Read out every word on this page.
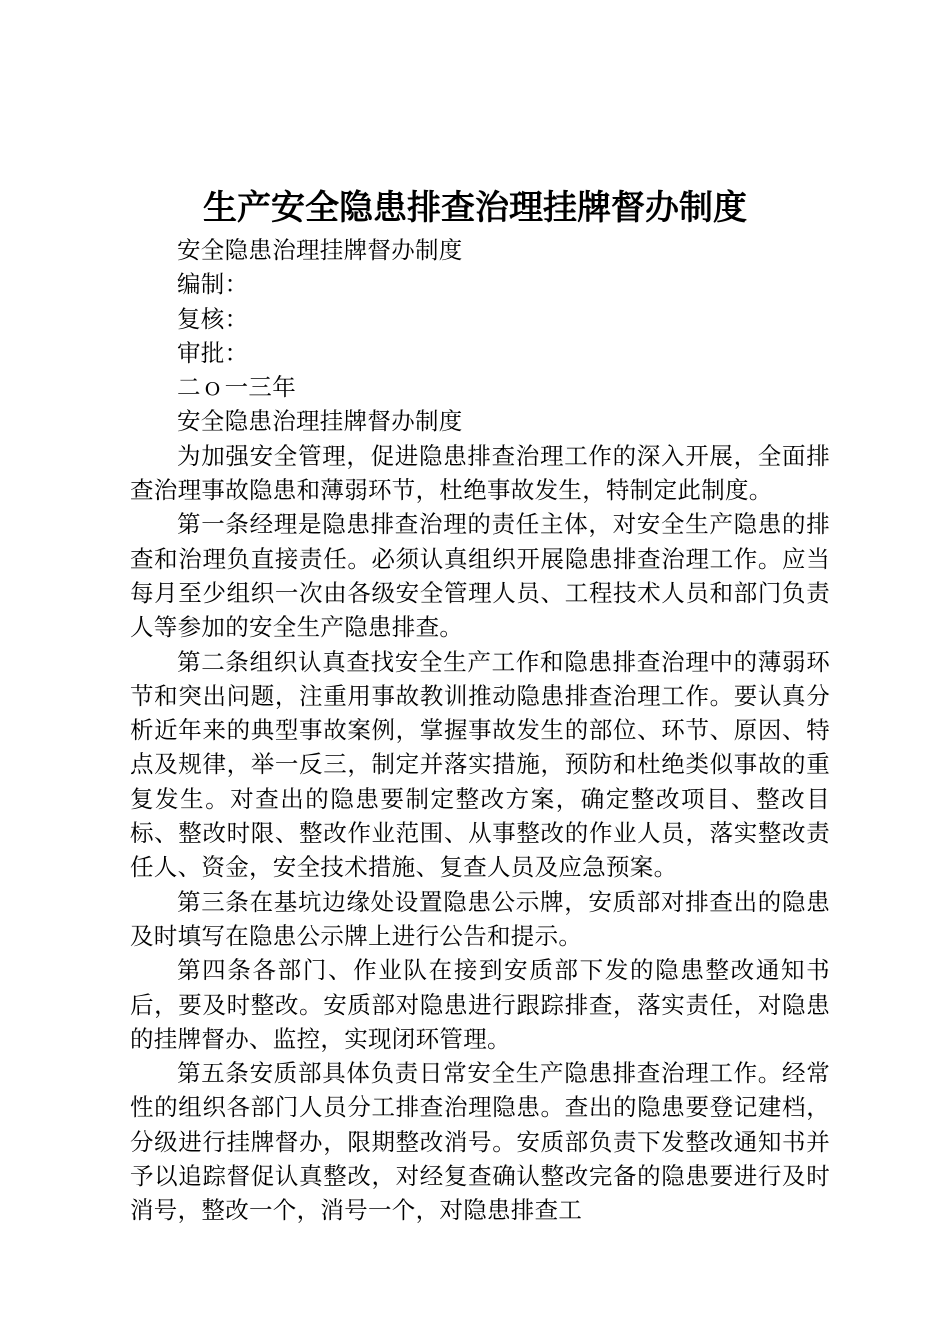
生产安全隐患排查治理挂牌督办制度
安全隐患治理挂牌督办制度
编制：
复核：
审批：
二ｏ一三年
安全隐患治理挂牌督办制度

为加强安全管理，促进隐患排查治理工作的深入开展，全面排查治理事故隐患和薄弱环节，杜绝事故发生，特制定此制度。

第一条经理是隐患排查治理的责任主体，对安全生产隐患的排查和治理负直接责任。必须认真组织开展隐患排查治理工作。应当每月至少组织一次由各级安全管理人员、工程技术人员和部门负责人等参加的安全生产隐患排查。

第二条组织认真查找安全生产工作和隐患排查治理中的薄弱环节和突出问题，注重用事故教训推动隐患排查治理工作。要认真分析近年来的典型事故案例，掌握事故发生的部位、环节、原因、特点及规律，举一反三，制定并落实措施，预防和杜绝类似事故的重复发生。对查出的隐患要制定整改方案，确定整改项目、整改目标、整改时限、整改作业范围、从事整改的作业人员，落实整改责任人、资金，安全技术措施、复查人员及应急预案。

第三条在基坑边缘处设置隐患公示牌，安质部对排查出的隐患及时填写在隐患公示牌上进行公告和提示。

第四条各部门、作业队在接到安质部下发的隐患整改通知书后，要及时整改。安质部对隐患进行跟踪排查，落实责任，对隐患的挂牌督办、监控，实现闭环管理。

第五条安质部具体负责日常安全生产隐患排查治理工作。经常性的组织各部门人员分工排查治理隐患。查出的隐患要登记建档，分级进行挂牌督办，限期整改消号。安质部负责下发整改通知书并予以追踪督促认真整改，对经复查确认整改完备的隐患要进行及时消号，整改一个，消号一个，对隐患排查工
